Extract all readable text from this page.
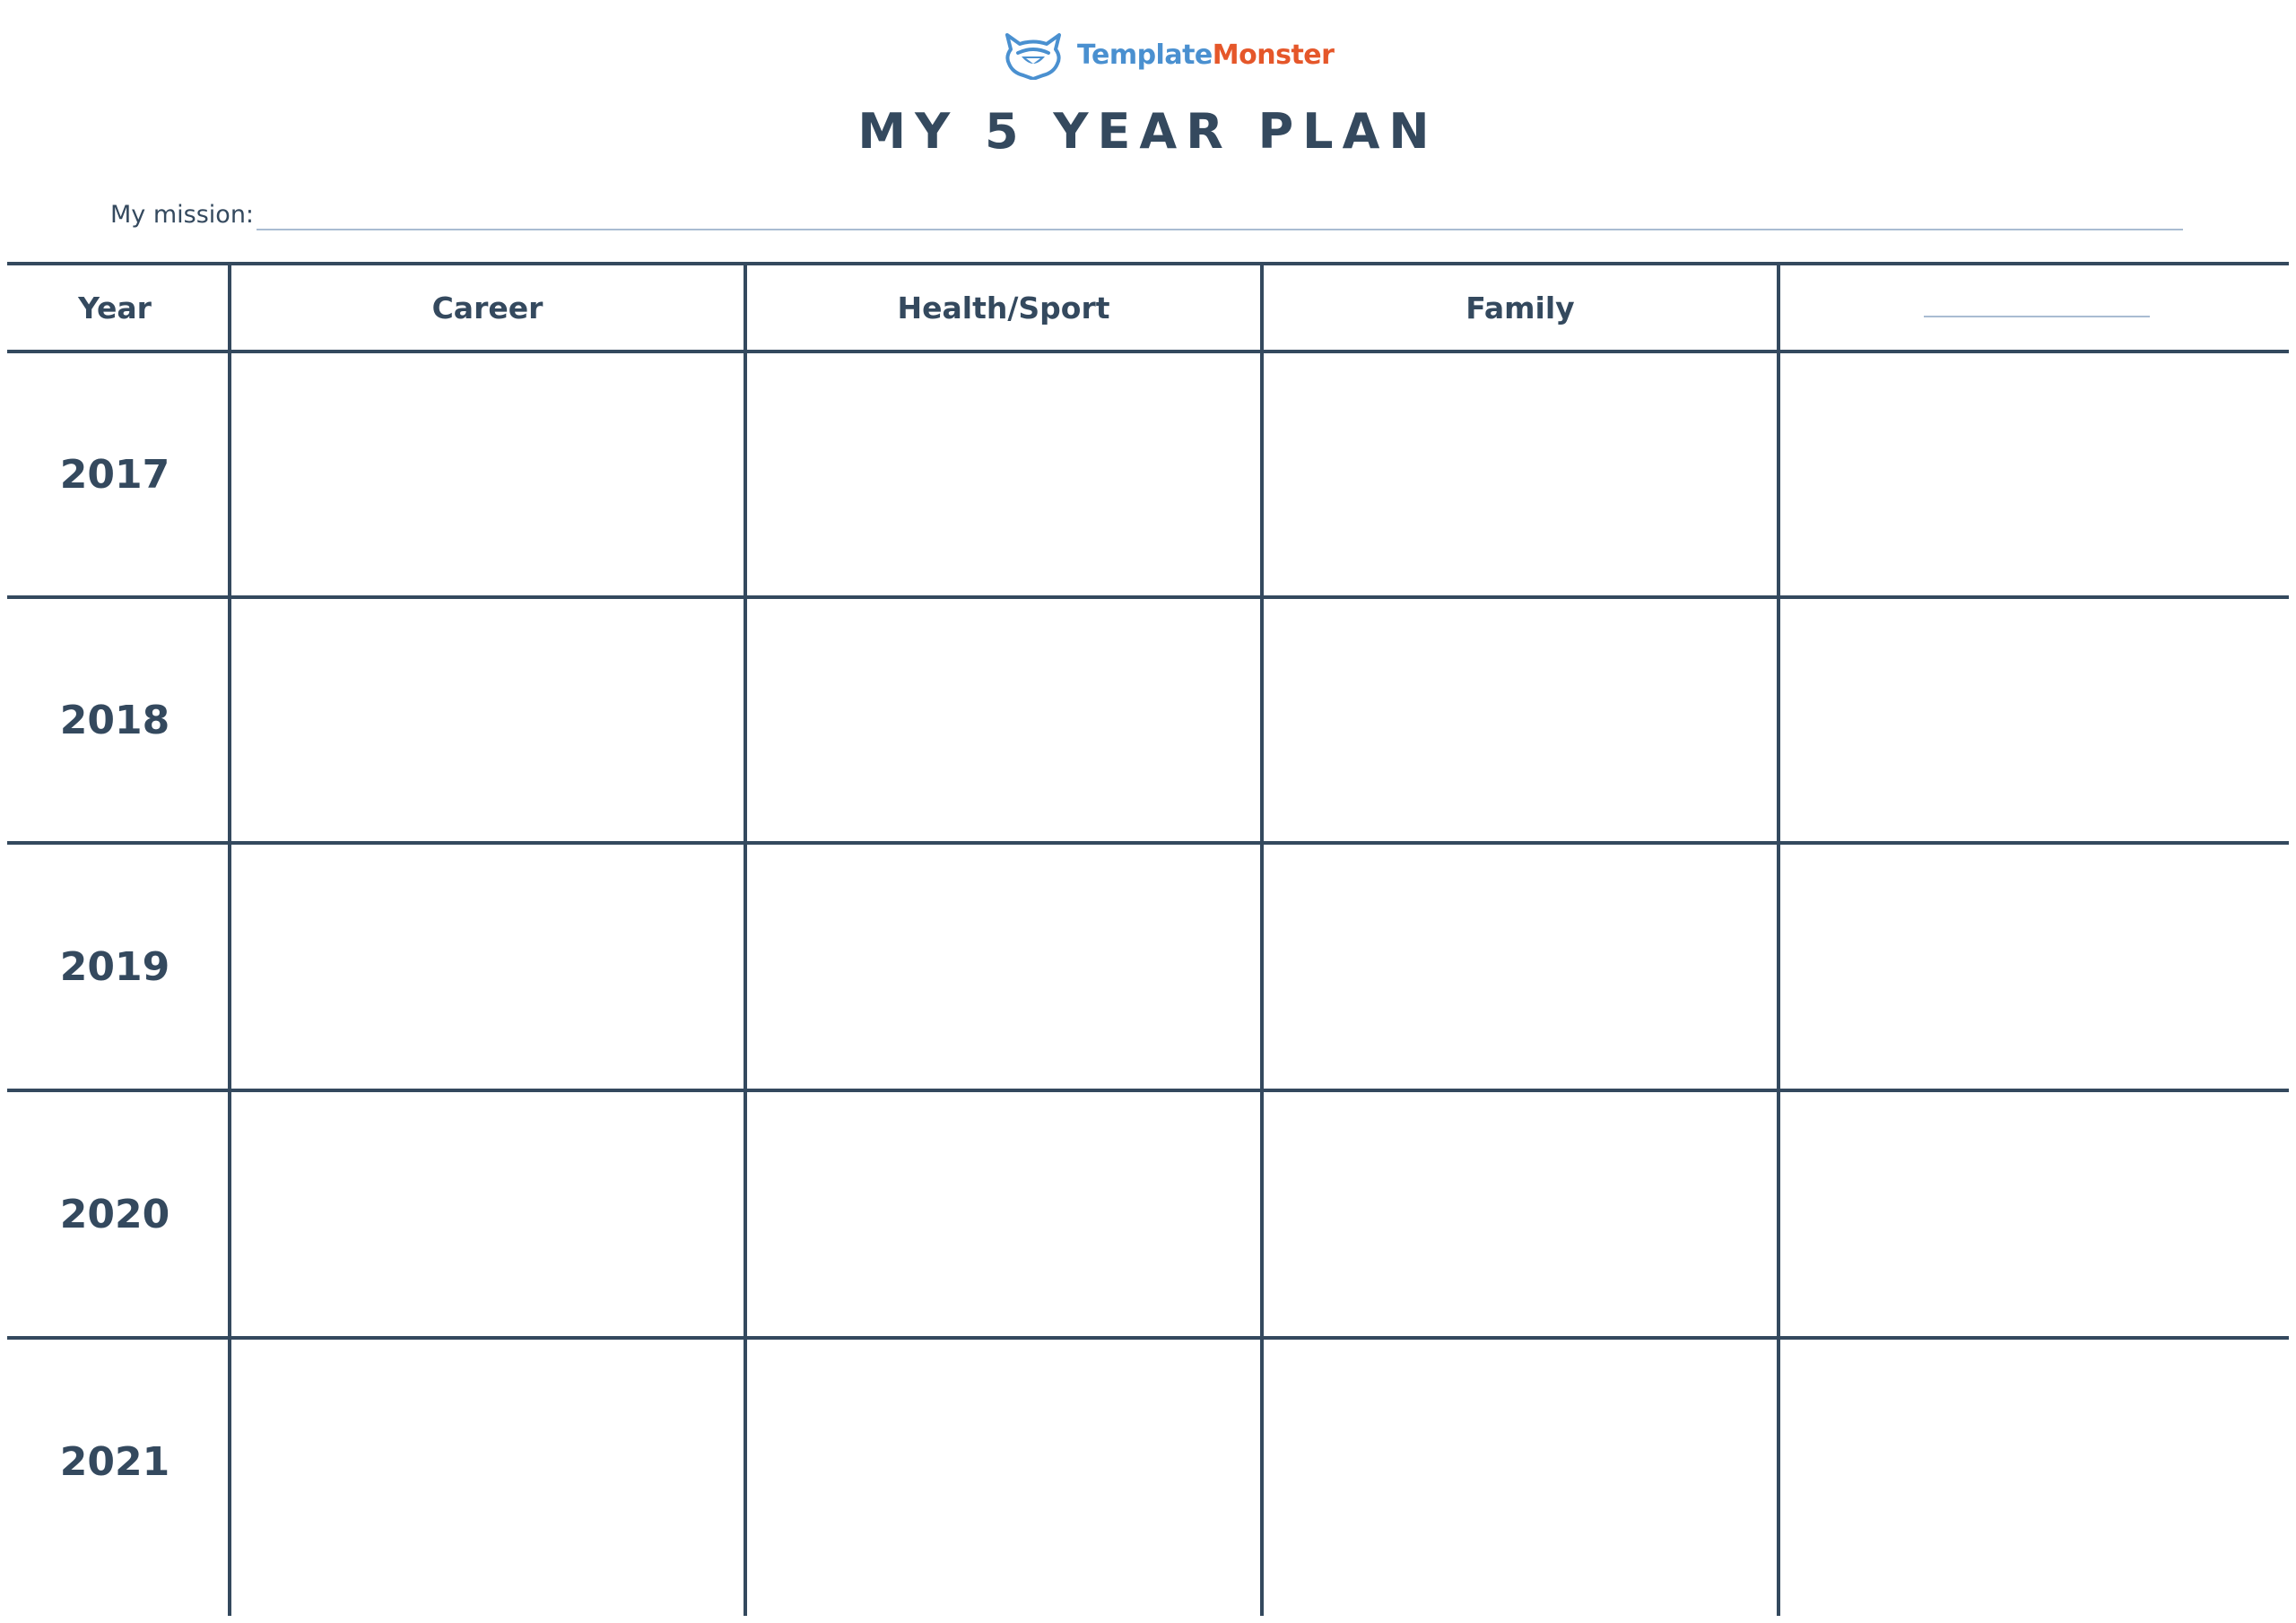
TemplateMonster
MY 5 YEAR PLAN
My mission:
Year	Career	Health/Sport	Family
2017
2018
2019
2020
2021
